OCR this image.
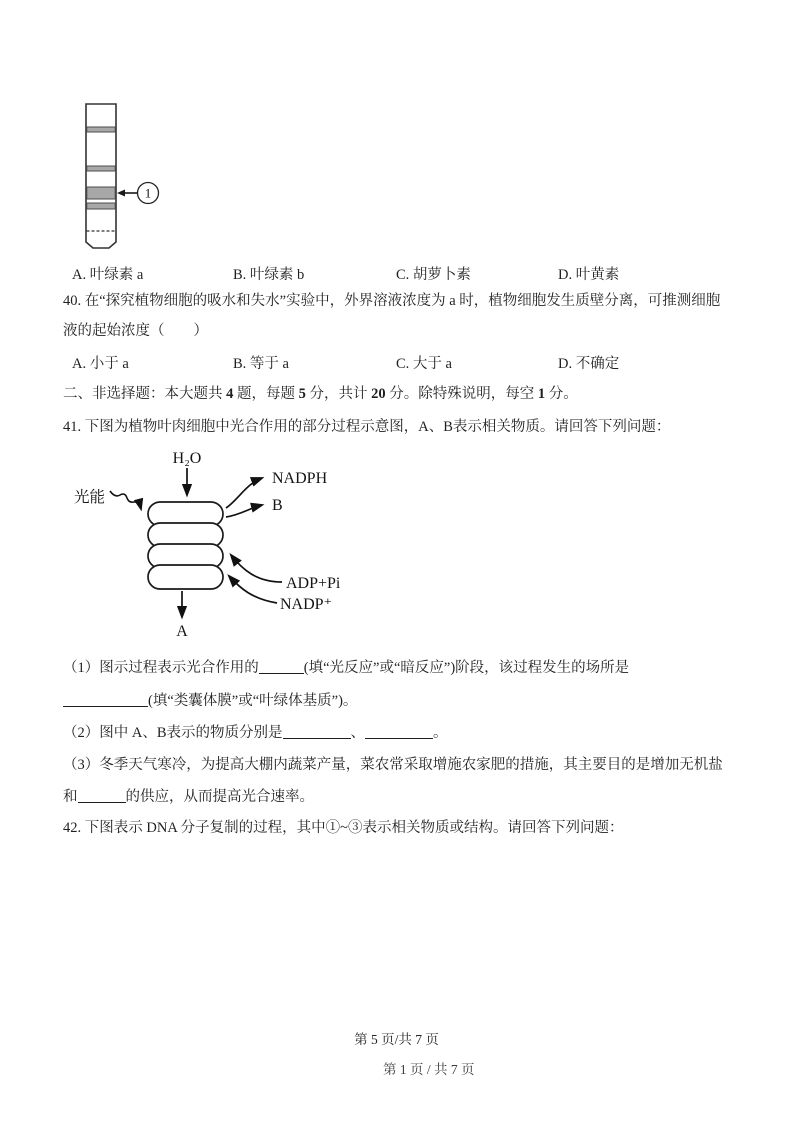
1
A. 叶绿素 a	B. 叶绿素 b	C. 胡萝卜素	D. 叶黄素
40. 在“探究植物细胞的吸水和失水”实验中，外界溶液浓度为 a 时，植物细胞发生质壁分离，可推测细胞
液的起始浓度（　　）
A. 小于 a	B. 等于 a	C. 大于 a	D. 不确定
二、非选择题：本大题共 4 题，每题 5 分，共计 20 分。除特殊说明，每空 1 分。
41. 下图为植物叶肉细胞中光合作用的部分过程示意图，A、B表示相关物质。请回答下列问题：
H₂O
光能
NADPH
B
ADP+Pi
NADP⁺
A
（1）图示过程表示光合作用的	(填“光反应”或“暗反应”)阶段，该过程发生的场所是
(填“类囊体膜”或“叶绿体基质”)。
（2）图中 A、B表示的物质分别是	、	。
（3）冬季天气寒冷，为提高大棚内蔬菜产量，菜农常采取增施农家肥的措施，其主要目的是增加无机盐
和	的供应，从而提高光合速率。
42. 下图表示 DNA 分子复制的过程，其中①~③表示相关物质或结构。请回答下列问题：
第 5 页/共 7 页
第 1 页 / 共 7 页
